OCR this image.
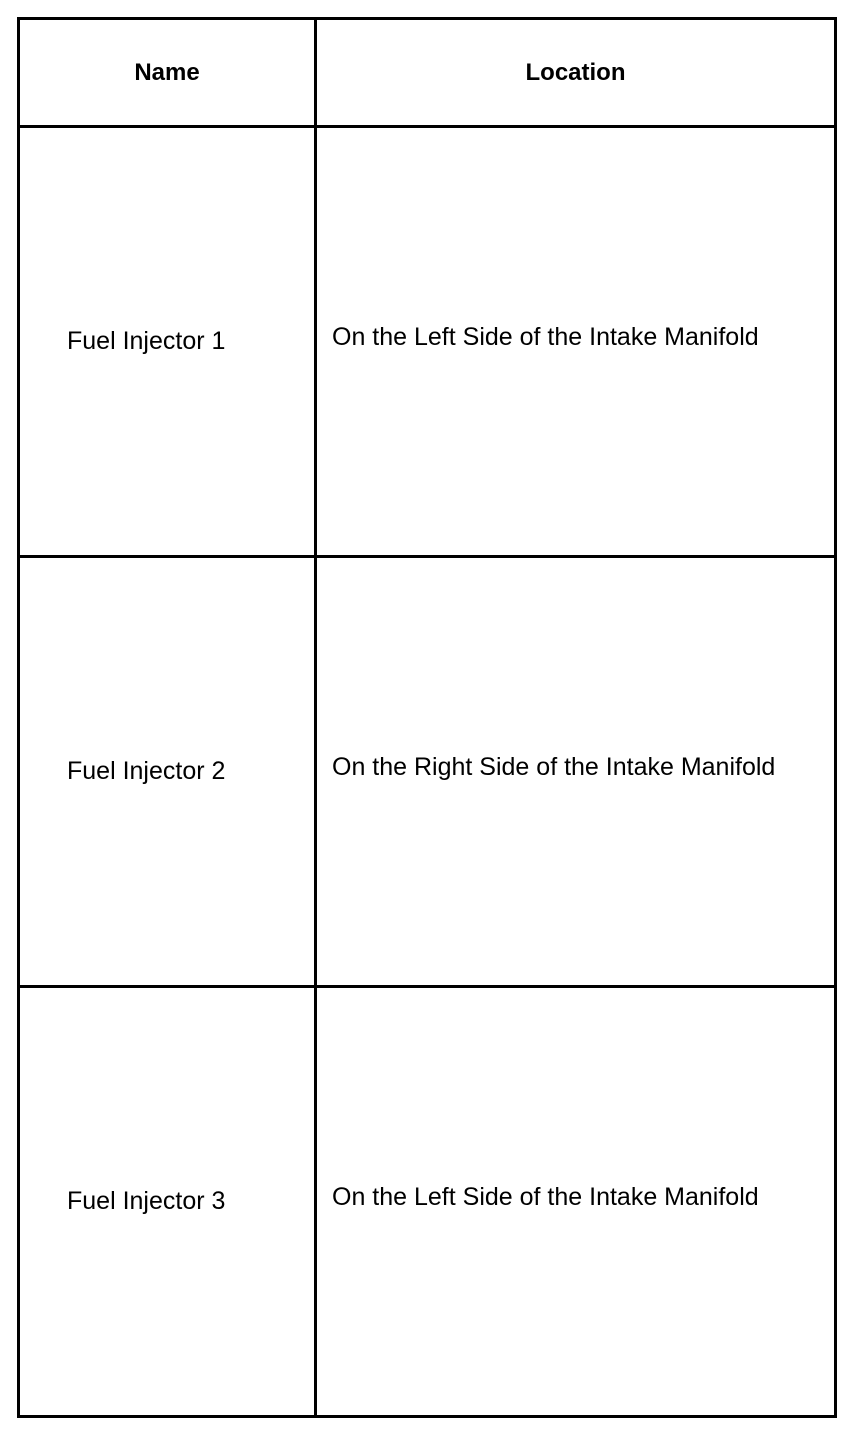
Name	Location
Fuel Injector 1	On the Left Side of the Intake Manifold

Fuel Injector 2	On the Right Side of the Intake Manifold

Fuel Injector 3	On the Left Side of the Intake Manifold
